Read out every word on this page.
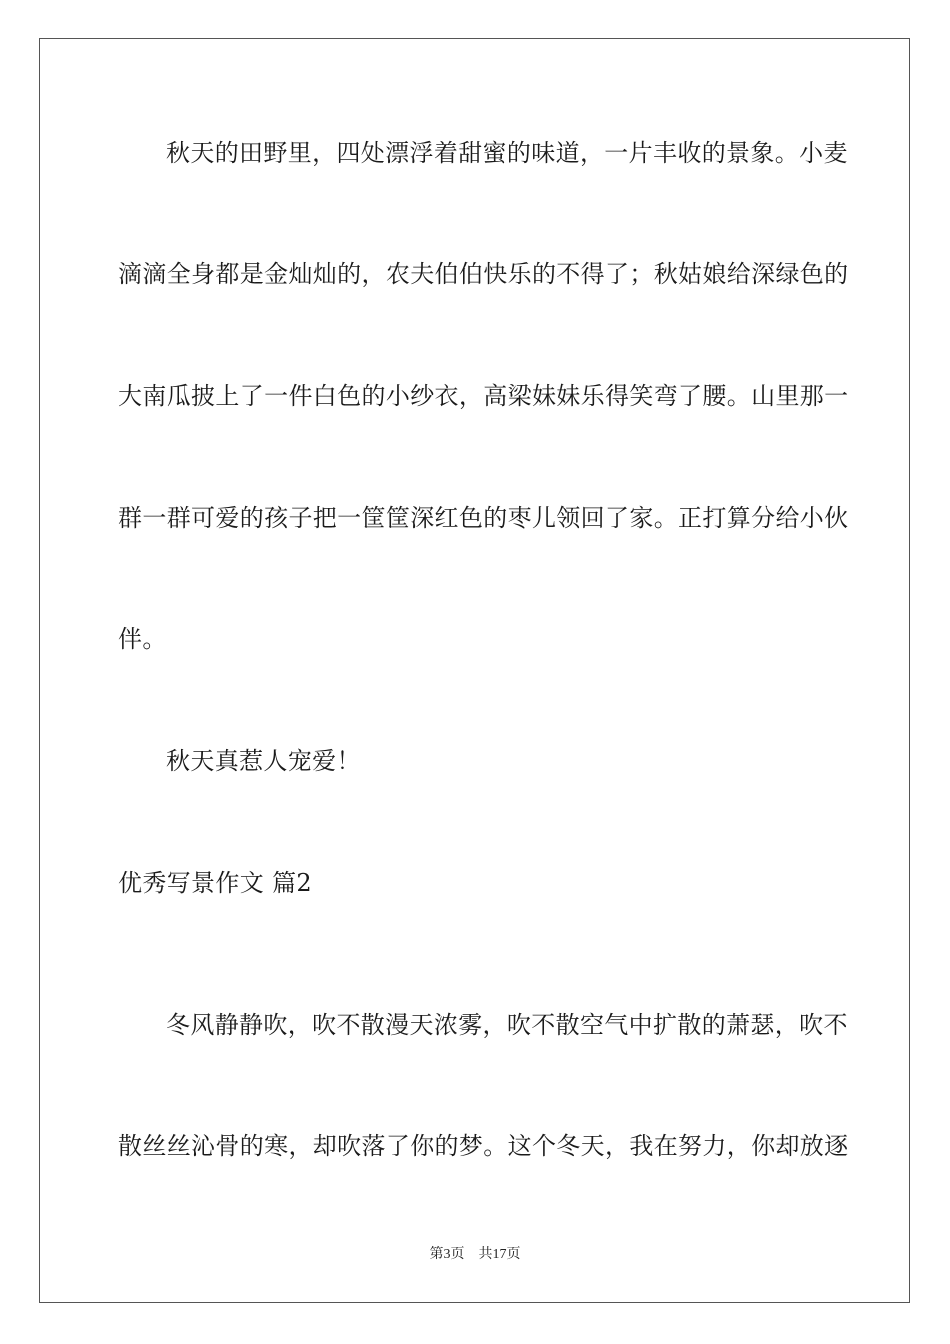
秋天的田野里，四处漂浮着甜蜜的味道，一片丰收的景象。小麦
滴滴全身都是金灿灿的，农夫伯伯快乐的不得了；秋姑娘给深绿色的
大南瓜披上了一件白色的小纱衣，高梁妹妹乐得笑弯了腰。山里那一
群一群可爱的孩子把一筐筐深红色的枣儿领回了家。正打算分给小伙
伴。
秋天真惹人宠爱！
优秀写景作文 篇2
冬风静静吹，吹不散漫天浓雾，吹不散空气中扩散的萧瑟，吹不
散丝丝沁骨的寒，却吹落了你的梦。这个冬天，我在努力，你却放逐
第3页 共17页
